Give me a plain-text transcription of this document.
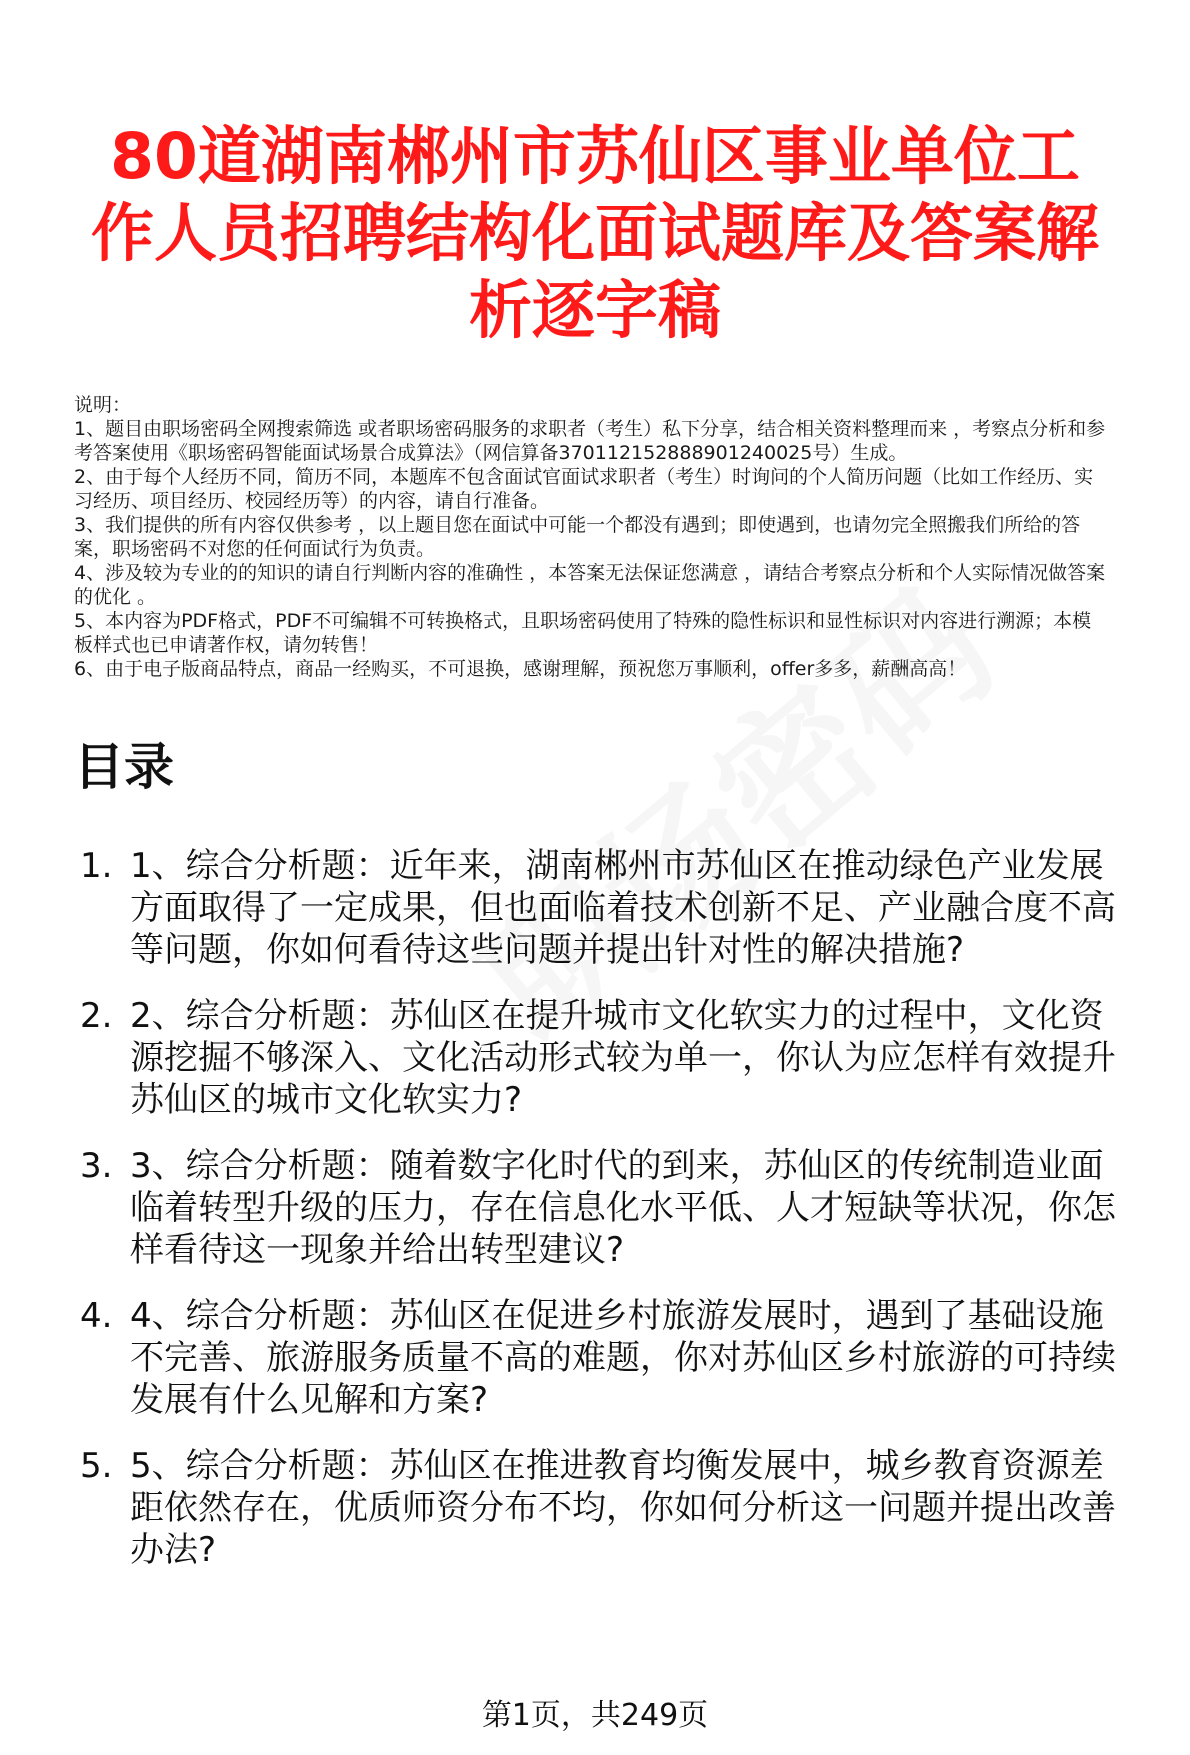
80道湖南郴州市苏仙区事业单位工作人员招聘结构化面试题库及答案解析逐字稿

说明：

1、题目由职场密码全网搜索筛选 或者职场密码服务的求职者（考生）私下分享，结合相关资料整理而来 ，考察点分析和参考答案使用《职场密码智能面试场景合成算法》（网信算备370112152888901240025号）生成。

2、由于每个人经历不同，简历不同，本题库不包含面试官面试求职者（考生）时询问的个人简历问题（比如工作经历、实习经历、项目经历、校园经历等）的内容，请自行准备。

3、我们提供的所有内容仅供参考 ，以上题目您在面试中可能一个都没有遇到；即使遇到，也请勿完全照搬我们所给的答案，职场密码不对您的任何面试行为负责。

4、涉及较为专业的的知识的请自行判断内容的准确性 ，本答案无法保证您满意 ，请结合考察点分析和个人实际情况做答案的优化 。

5、本内容为PDF格式，PDF不可编辑不可转换格式，且职场密码使用了特殊的隐性标识和显性标识对内容进行溯源；本模板样式也已申请著作权，请勿转售！

6、由于电子版商品特点，商品一经购买，不可退换，感谢理解，预祝您万事顺利，offer多多，薪酬高高！

目录
1. 1、综合分析题：近年来，湖南郴州市苏仙区在推动绿色产业发展方面取得了一定成果，但也面临着技术创新不足、产业融合度不高等问题，你如何看待这些问题并提出针对性的解决措施?
2. 2、综合分析题：苏仙区在提升城市文化软实力的过程中，文化资源挖掘不够深入、文化活动形式较为单一，你认为应怎样有效提升苏仙区的城市文化软实力?
3. 3、综合分析题：随着数字化时代的到来，苏仙区的传统制造业面临着转型升级的压力，存在信息化水平低、人才短缺等状况，你怎样看待这一现象并给出转型建议?
4. 4、综合分析题：苏仙区在促进乡村旅游发展时，遇到了基础设施不完善、旅游服务质量不高的难题，你对苏仙区乡村旅游的可持续发展有什么见解和方案?
5. 5、综合分析题：苏仙区在推进教育均衡发展中，城乡教育资源差距依然存在，优质师资分布不均，你如何分析这一问题并提出改善办法?
第1页，共249页
